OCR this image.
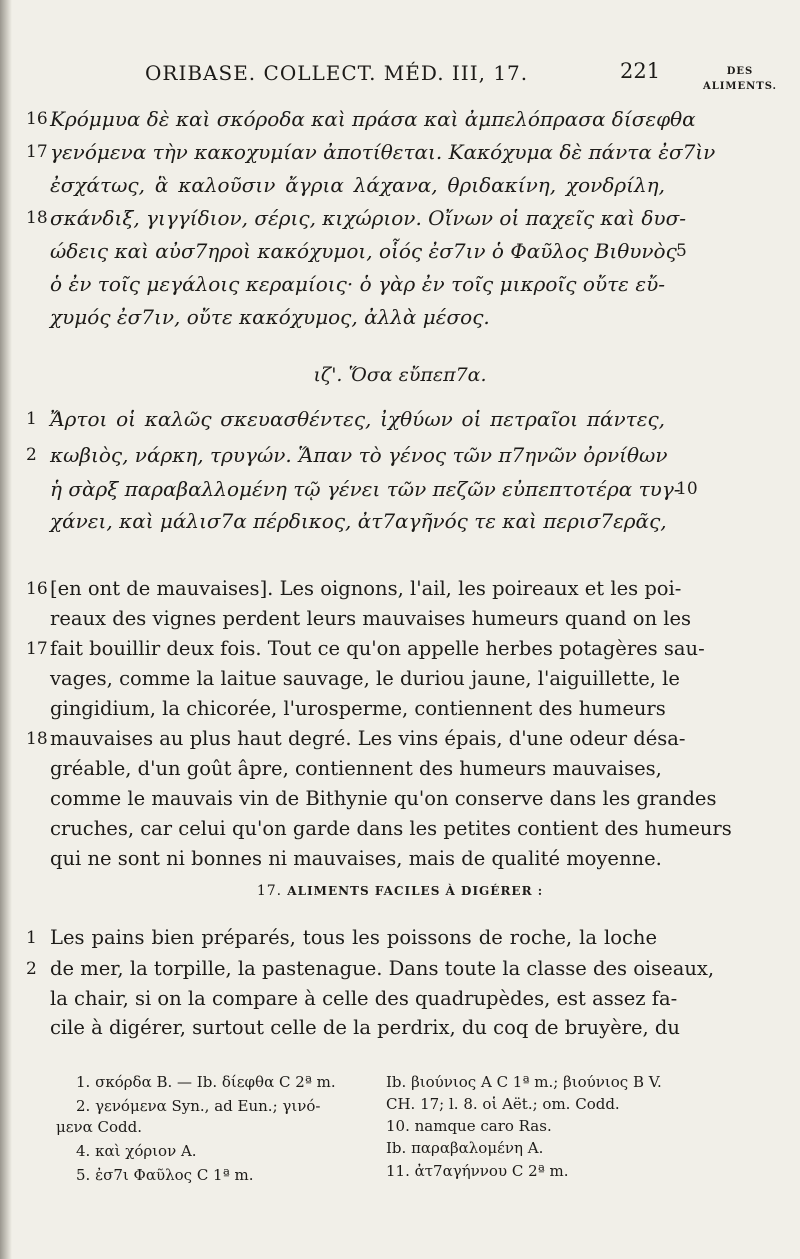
ORIBASE. COLLECT. MÉD. III, 17.	221	DES
ALIMENTS.
16 Κρόμμυα δὲ καὶ σκόροδα καὶ πράσα καὶ ἀμπελόπρασα δίσεφθα
17 γενόμενα τὴν κακοχυμίαν ἀποτίθεται. Κακόχυμα δὲ πάντα ἐσ7ὶν
ἐσχάτως, ἃ καλοῦσιν ἄγρια λάχανα, θριδακίνη, χονδρίλη,
18 σκάνδιξ, γιγγίδιον, σέρις, κιχώριον. Οἴνων οἱ παχεῖς καὶ δυσ-
ώδεις καὶ αὐσ7ηροὶ κακόχυμοι, οἷός ἐσ7ιν ὁ Φαῦλος Βιθυνὸς 5
ὁ ἐν τοῖς μεγάλοις κεραμίοις· ὁ γὰρ ἐν τοῖς μικροῖς οὔτε εὔ-
χυμός ἐσ7ιν, οὔτε κακόχυμος, ἀλλὰ μέσος.
ιζ'. Ὅσα εὔπεπ7α.
1 Ἄρτοι οἱ καλῶς σκευασθέντες, ἰχθύων οἱ πετραῖοι πάντες,
2 κωβιὸς, νάρκη, τρυγών. Ἅπαν τὸ γένος τῶν π7ηνῶν ὀρνίθων
ἡ σὰρξ παραβαλλομένη τῷ γένει τῶν πεζῶν εὐπεπτοτέρα τυγ-
10
χάνει, καὶ μάλισ7α πέρδικος, ἀτ7αγῆνός τε καὶ περισ7ερᾶς,
16 [en ont de mauvaises]. Les oignons, l'ail, les poireaux et les poi-
reaux des vignes perdent leurs mauvaises humeurs quand on les
17 fait bouillir deux fois. Tout ce qu'on appelle herbes potagères sau-
vages, comme la laitue sauvage, le duriou jaune, l'aiguillette, le
gingidium, la chicorée, l'urosperme, contiennent des humeurs
18 mauvaises au plus haut degré. Les vins épais, d'une odeur désa-
gréable, d'un goût âpre, contiennent des humeurs mauvaises,
comme le mauvais vin de Bithynie qu'on conserve dans les grandes
cruches, car celui qu'on garde dans les petites contient des humeurs
qui ne sont ni bonnes ni mauvaises, mais de qualité moyenne.
17. ALIMENTS FACILES À DIGÉRER :
1 Les pains bien préparés, tous les poissons de roche, la loche
2 de mer, la torpille, la pastenague. Dans toute la classe des oiseaux,
la chair, si on la compare à celle des quadrupèdes, est assez fa-
cile à digérer, surtout celle de la perdrix, du coq de bruyère, du
1. σκόρδα B. — Ib. δίεφθα C 2ª m.
2. γενόμενα Syn., ad Eun.; γινό-
μενα Codd.
4. καὶ χόριον A.
5. ἐσ7ι Φαῦλος C 1ª m.
Ib. βιούνιος A C 1ª m.; βιούνιος B V.
CH. 17; l. 8. οἱ Aët.; om. Codd.
10. namque caro Ras.
Ib. παραβαλομένη A.
11. ἀτ7αγήννου C 2ª m.
